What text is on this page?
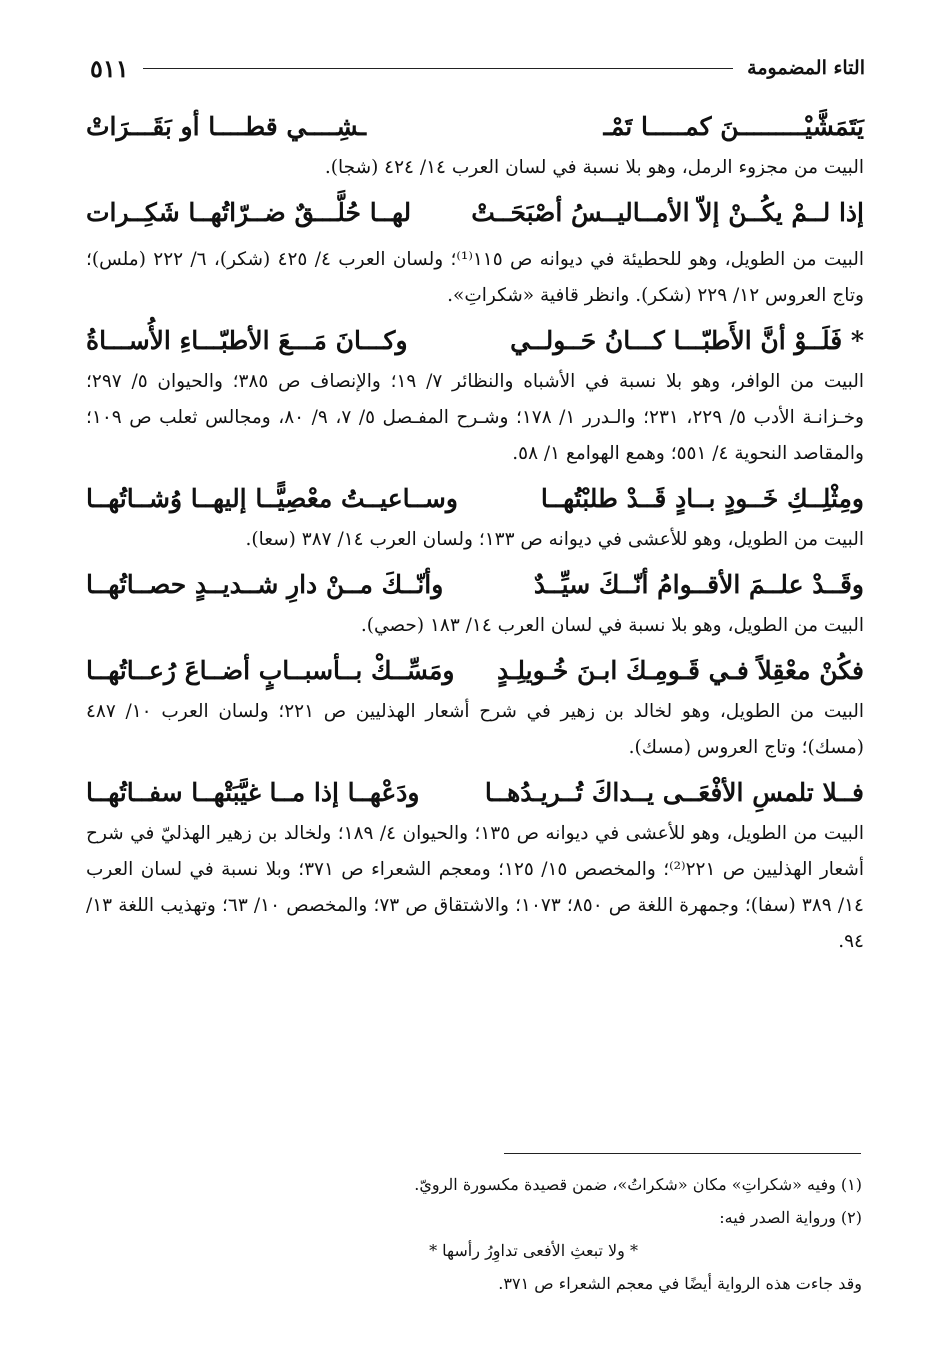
التاء المضمومة
٥١١
يَتَمَشَّيْـــــــــنَ كمـــــا تَمْـ
ـشِــــي قطــــا أو بَقَـــرَاتْ

البيت من مجزوء الرمل، وهو بلا نسبة في لسان العرب ١٤/ ٤٢٤ (شجا).

إذا لــمْ يكُــنْ إلاّ الأمــاليــسُ أصْبَحَــتْ
لهــا حُلَّـــقٌ ضــرّاتُهــا شَكِــرات

البيت من الطويل، وهو للحطيئة في ديوانه ص ١١٥⁽¹⁾؛ ولسان العرب ٤/ ٤٢٥ (شكر)، ٦/ ٢٢٢ (ملس)؛ وتاج العروس ١٢/ ٢٢٩ (شكر). وانظر قافية «شكراتِ».

* فَلَــوْ أنَّ الأَطبّـــا كـــانُ حَــولــي
وكـــانَ مَـــعَ الأطبّـــاءِ الأُســـاةُ

البيت من الوافر، وهو بلا نسبة في الأشباه والنظائر ٧/ ١٩؛ والإنصاف ص ٣٨٥؛ والحيوان ٥/ ٢٩٧؛ وخـزانـة الأدب ٥/ ٢٢٩، ٢٣١؛ والـدرر ١/ ١٧٨؛ وشـرح المفـصل ٥/ ٧، ٩/ ٨٠، ومجالس ثعلب ص ١٠٩؛ والمقاصد النحوية ٤/ ٥٥١؛ وهمع الهوامع ١/ ٥٨.

ومِثْلِــكِ خَــودٍ بــادٍ قَــدْ طلبْتُهــا
وســاعيــتُ معْصِيًّــا إليهــا وُشــاتُهــا

البيت من الطويل، وهو للأعشى في ديوانه ص ١٣٣؛ ولسان العرب ١٤/ ٣٨٧ (سعا).

وقَــدْ علــمَ الأقــوامُ أنّــكَ سيِّــدٌ
وأنّــكَ مــنْ دارِ شــديــدٍ حصــاتُهــا

البيت من الطويل، وهو بلا نسبة في لسان العرب ١٤/ ١٨٣ (حصي).

فكُنْ معْقِلاً فـي قَـومِـكَ ابـنَ خُـويلِـدٍ
ومَسِّــكْ بــأسبــابٍ أضــاعَ رُعــاتُهــا

البيت من الطويل، وهو لخالد بن زهير في شرح أشعار الهذليين ص ٢٢١؛ ولسان العرب ١٠/ ٤٨٧ (مسك)؛ وتاج العروس (مسك).

فــلا تلمسِ الأفْعَــى يــداكَ تُــريـدُهــا
ودَعْهــا إذا مــا غيَّبَتْهــا سفــاتُهــا

البيت من الطويل، وهو للأعشى في ديوانه ص ١٣٥؛ والحيوان ٤/ ١٨٩؛ ولخالد بن زهير الهذليّ في شرح أشعار الهذليين ص ٢٢١⁽²⁾؛ والمخصص ١٥/ ١٢٥؛ ومعجم الشعراء ص ٣٧١؛ وبلا نسبة في لسان العرب ١٤/ ٣٨٩ (سفا)؛ وجمهرة اللغة ص ٨٥٠؛ ١٠٧٣؛ والاشتقاق ص ٧٣؛ والمخصص ١٠/ ٦٣؛ وتهذيب اللغة ١٣/ ٩٤.

(١) وفيه «شكراتِ» مكان «شكراتُ»، ضمن قصيدة مكسورة الرويّ.
(٢) ورواية الصدر فيه:
* ولا تبعثِ الأفعى تداوِرُ رأسها *
وقد جاءت هذه الرواية أيضًا في معجم الشعراء ص ٣٧١.
